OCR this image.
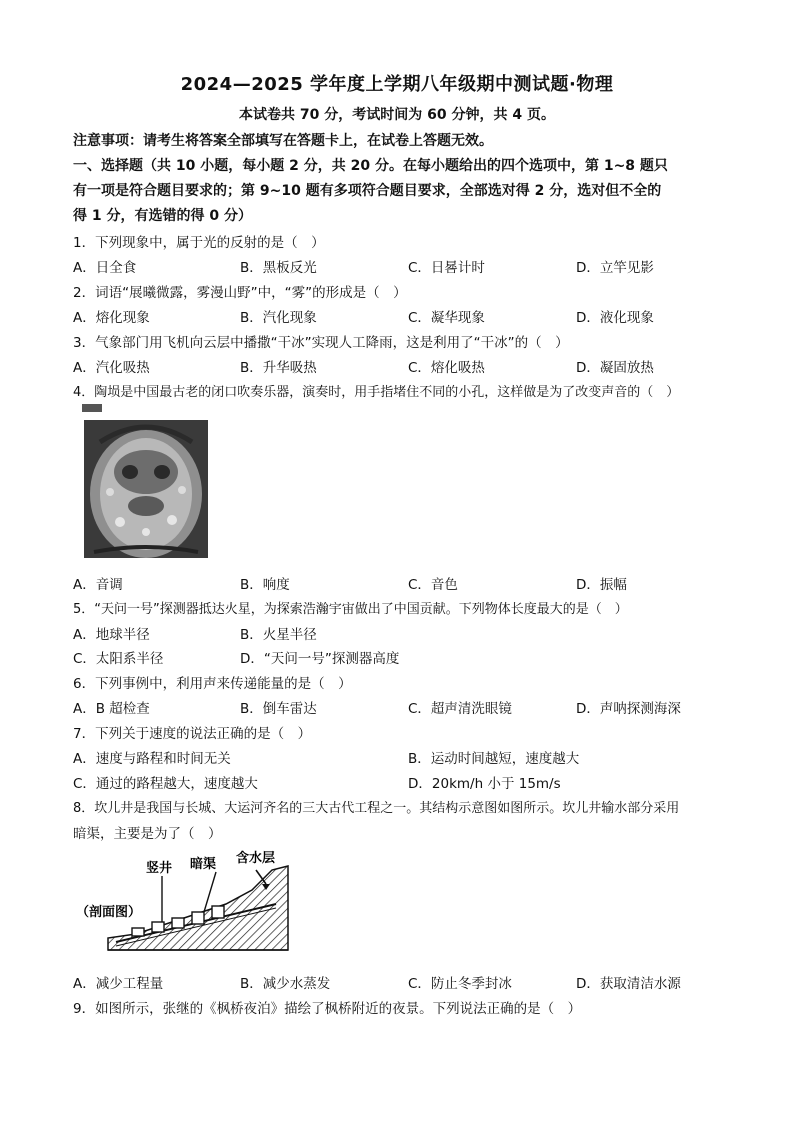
2024—2025 学年度上学期八年级期中测试题·物理
本试卷共 70 分，考试时间为 60 分钟，共 4 页。
注意事项：请考生将答案全部填写在答题卡上，在试卷上答题无效。
一、选择题（共 10 小题，每小题 2 分，共 20 分。在每小题给出的四个选项中，第 1~8 题只
有一项是符合题目要求的；第 9~10 题有多项符合题目要求，全部选对得 2 分，选对但不全的
得 1 分，有选错的得 0 分）
1．下列现象中，属于光的反射的是（　）
A．日全食	B．黑板反光	C．日晷计时	D．立竿见影
2．词语“展曦微露，雾漫山野”中，“雾”的形成是（　）
A．熔化现象	B．汽化现象	C．凝华现象	D．液化现象
3．气象部门用飞机向云层中播撒“干冰”实现人工降雨，这是利用了“干冰”的（　）
A．汽化吸热	B．升华吸热	C．熔化吸热	D．凝固放热
4．陶埙是中国最古老的闭口吹奏乐器，演奏时，用手指堵住不同的小孔，这样做是为了改变声音的（　）
A．音调	B．响度	C．音色	D．振幅
5．“天问一号”探测器抵达火星，为探索浩瀚宇宙做出了中国贡献。下列物体长度最大的是（　）
A．地球半径	B．火星半径
C．太阳系半径	D．“天问一号”探测器高度
6．下列事例中，利用声来传递能量的是（　）
A．B 超检查	B．倒车雷达	C．超声清洗眼镜	D．声呐探测海深
7．下列关于速度的说法正确的是（　）
A．速度与路程和时间无关	B．运动时间越短，速度越大
C．通过的路程越大，速度越大	D．20km/h 小于 15m/s
8．坎儿井是我国与长城、大运河齐名的三大古代工程之一。其结构示意图如图所示。坎儿井输水部分采用
暗渠，主要是为了（　）
（剖面图）
竖井 暗渠 含水层
A．减少工程量	B．减少水蒸发	C．防止冬季封冰	D．获取清洁水源
9．如图所示，张继的《枫桥夜泊》描绘了枫桥附近的夜景。下列说法正确的是（　）
